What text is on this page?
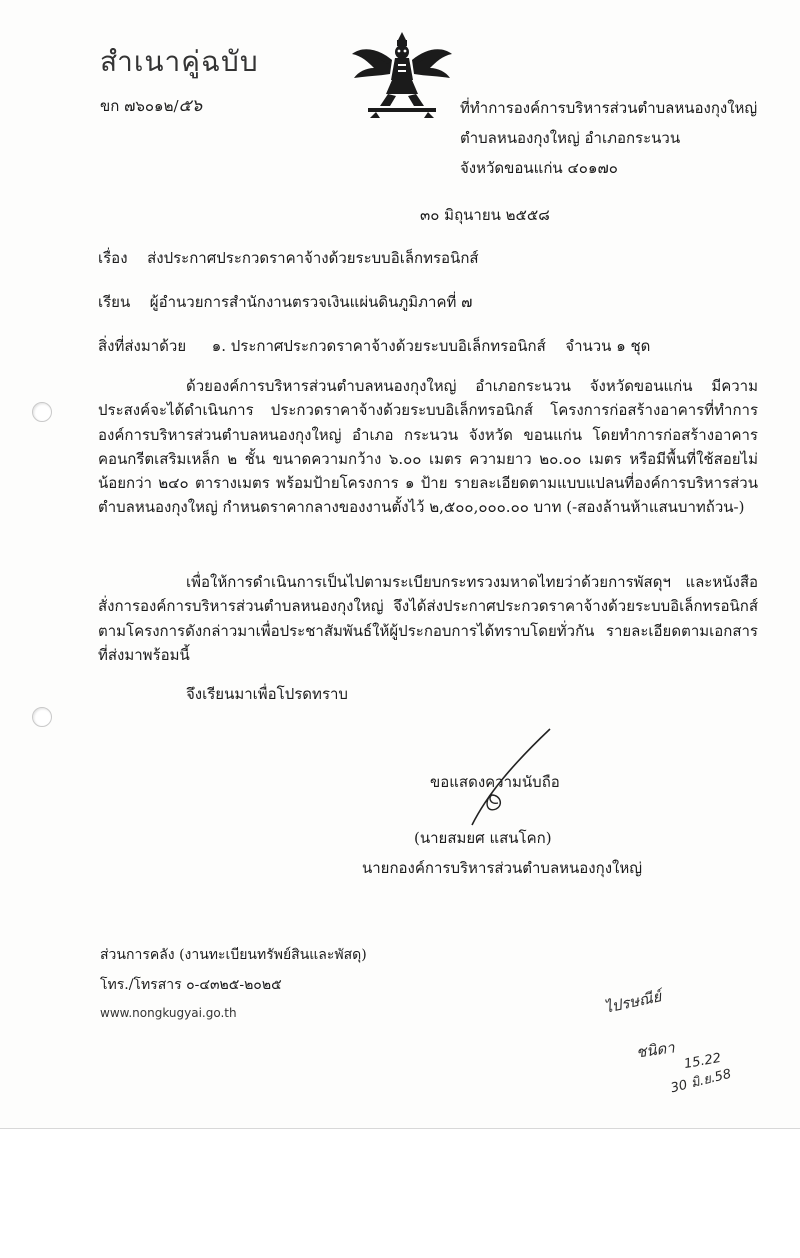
สำเนาคู่ฉบับ
ขก ๗๖๐๑๒/๕๖	ที่ทำการองค์การบริหารส่วนตำบลหนองกุงใหญ่
ตำบลหนองกุงใหญ่ อำเภอกระนวน
จังหวัดขอนแก่น ๔๐๑๗๐
๓๐ มิถุนายน ๒๕๕๘
เรื่อง ส่งประกาศประกวดราคาจ้างด้วยระบบอิเล็กทรอนิกส์
เรียน ผู้อำนวยการสำนักงานตรวจเงินแผ่นดินภูมิภาคที่ ๗
สิ่งที่ส่งมาด้วย ๑. ประกาศประกวดราคาจ้างด้วยระบบอิเล็กทรอนิกส์ จำนวน ๑ ชุด
ด้วยองค์การบริหารส่วนตำบลหนองกุงใหญ่ อำเภอกระนวน จังหวัดขอนแก่น มีความประสงค์จะได้ดำเนินการ ประกวดราคาจ้างด้วยระบบอิเล็กทรอนิกส์ โครงการก่อสร้างอาคารที่ทำการองค์การบริหารส่วนตำบลหนองกุงใหญ่ อำเภอ กระนวน จังหวัด ขอนแก่น โดยทำการก่อสร้างอาคารคอนกรีตเสริมเหล็ก ๒ ชั้น ขนาดความกว้าง ๖.๐๐ เมตร ความยาว ๒๐.๐๐ เมตร หรือมีพื้นที่ใช้สอยไม่น้อยกว่า ๒๔๐ ตารางเมตร พร้อมป้ายโครงการ ๑ ป้าย รายละเอียดตามแบบแปลนที่องค์การบริหารส่วนตำบลหนองกุงใหญ่ กำหนดราคากลางของงานตั้งไว้ ๒,๕๐๐,๐๐๐.๐๐ บาท (-สองล้านห้าแสนบาทถ้วน-)
เพื่อให้การดำเนินการเป็นไปตามระเบียบกระทรวงมหาดไทยว่าด้วยการพัสดุฯ และหนังสือสั่งการองค์การบริหารส่วนตำบลหนองกุงใหญ่ จึงได้ส่งประกาศประกวดราคาจ้างด้วยระบบอิเล็กทรอนิกส์ตามโครงการดังกล่าวมาเพื่อประชาสัมพันธ์ให้ผู้ประกอบการได้ทราบโดยทั่วกัน รายละเอียดตามเอกสารที่ส่งมาพร้อมนี้
จึงเรียนมาเพื่อโปรดทราบ
ขอแสดงความนับถือ
(นายสมยศ แสนโคก)
นายกองค์การบริหารส่วนตำบลหนองกุงใหญ่
ส่วนการคลัง (งานทะเบียนทรัพย์สินและพัสดุ)
โทร./โทรสาร ๐-๔๓๒๕-๒๐๒๕
www.nongkugyai.go.th	ไปรษณีย์
ชนิดา 15.22
30 มิ.ย.58
